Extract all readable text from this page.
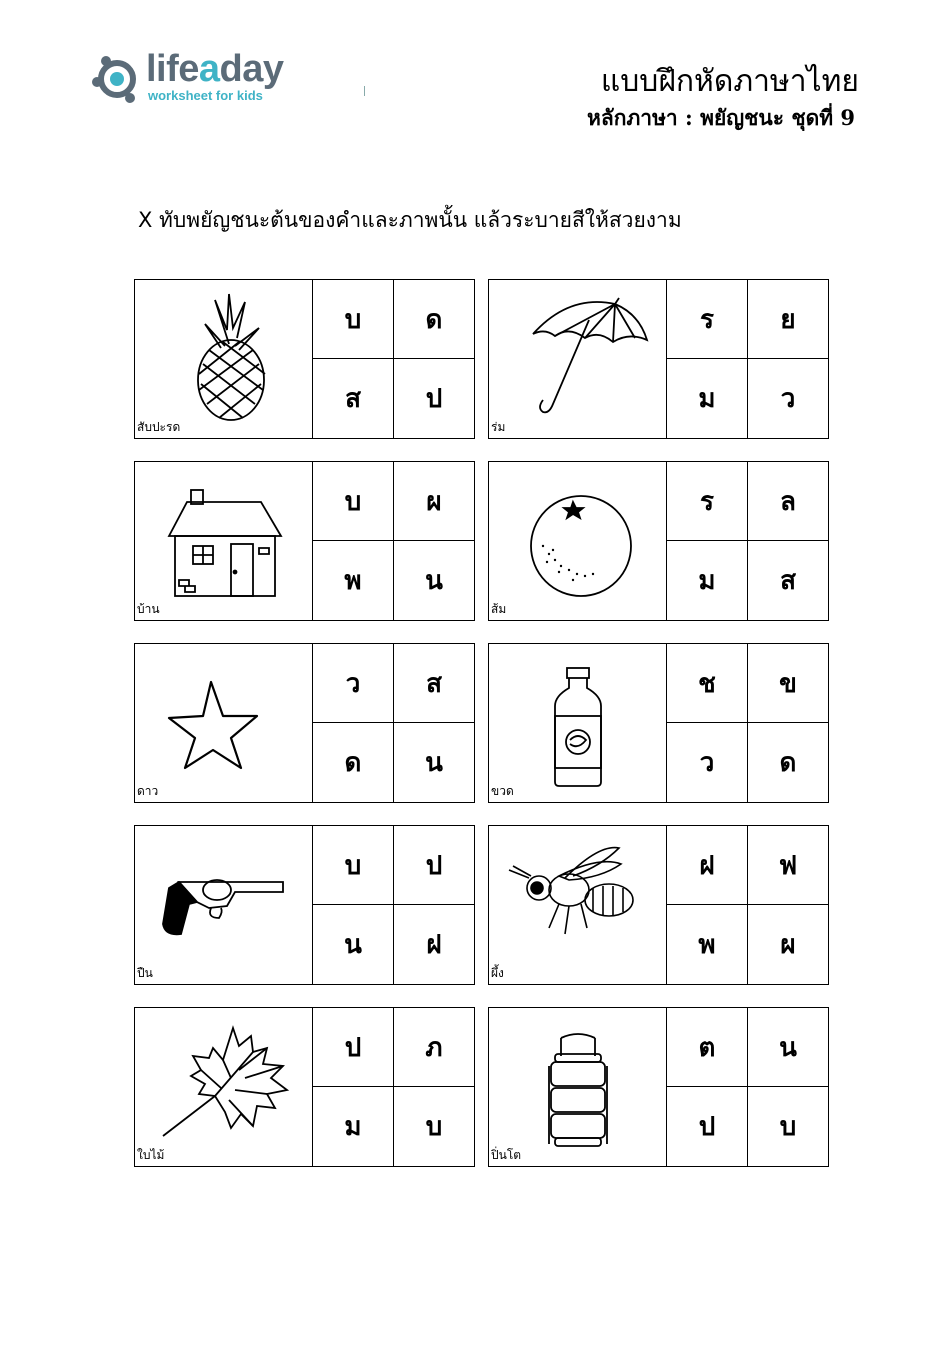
lifeaday
worksheet for kids	แบบฝึกหัดภาษาไทย
หลักภาษา : พยัญชนะ ชุดที่ 9
X ทับพยัญชนะต้นของคำและภาพนั้น แล้วระบายสีให้สวยงาม
สับปะรด
บ	ด
ส	ป
ร่ม
ร	ย
ม	ว
บ้าน
บ	ผ
พ	น
ส้ม
ร	ล
ม	ส
ดาว
ว	ส
ด	น
ขวด
ช	ข
ว	ด
ปืน
บ	ป
น	ฝ
ผึ้ง
ฝ	ฟ
พ	ผ
ใบไม้
ป	ภ
ม	บ
ปิ่นโต
ต	น
ป	บ
